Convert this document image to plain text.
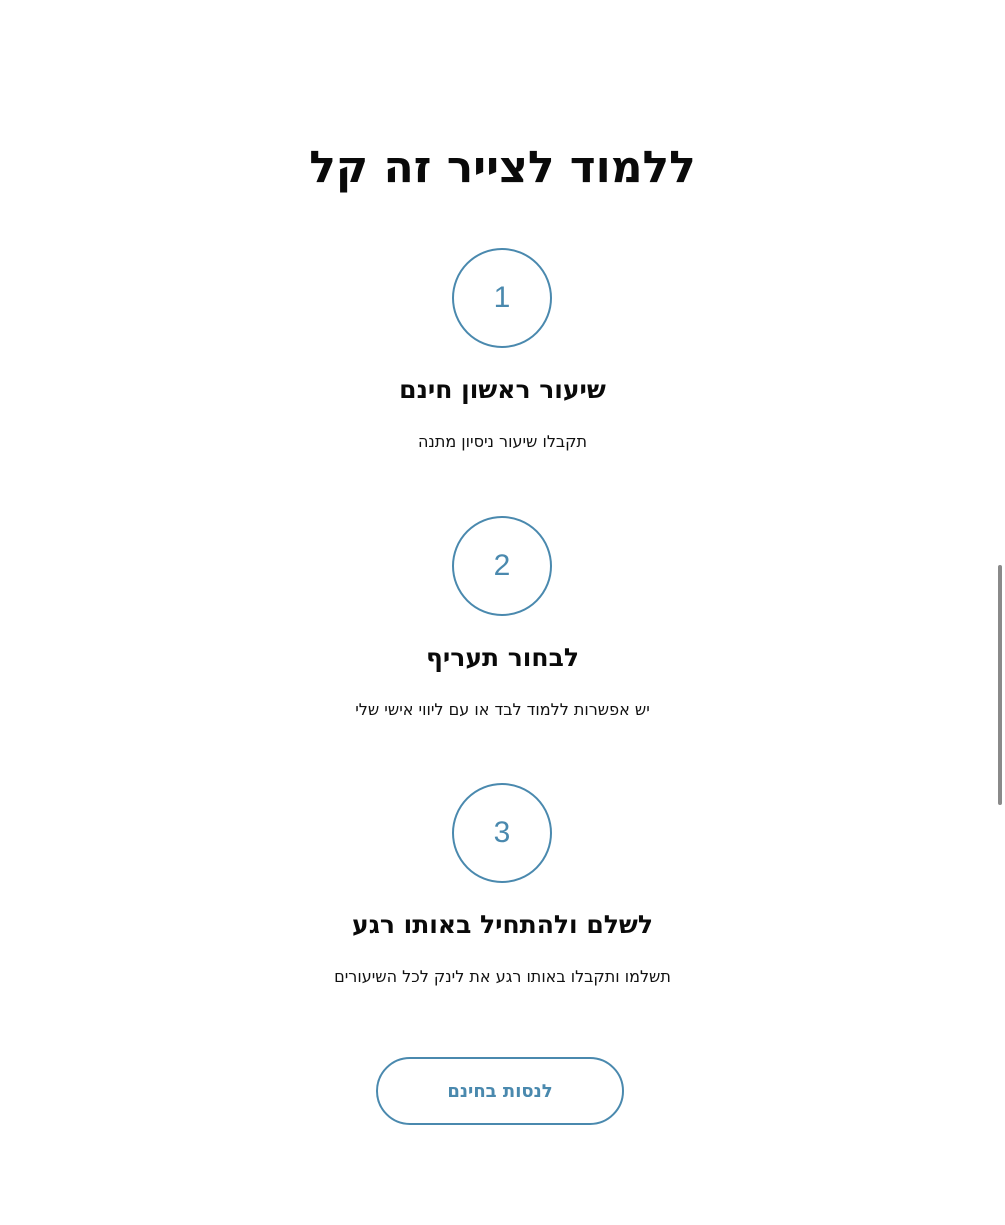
ללמוד לצייר זה קל
1
שיעור ראשון חינם

תקבלו שיעור ניסיון מתנה

2
לבחור תעריף

יש אפשרות ללמוד לבד או עם ליווי אישי שלי

3
לשלם ולהתחיל באותו רגע

תשלמו ותקבלו באותו רגע את לינק לכל השיעורים

לנסות בחינם
